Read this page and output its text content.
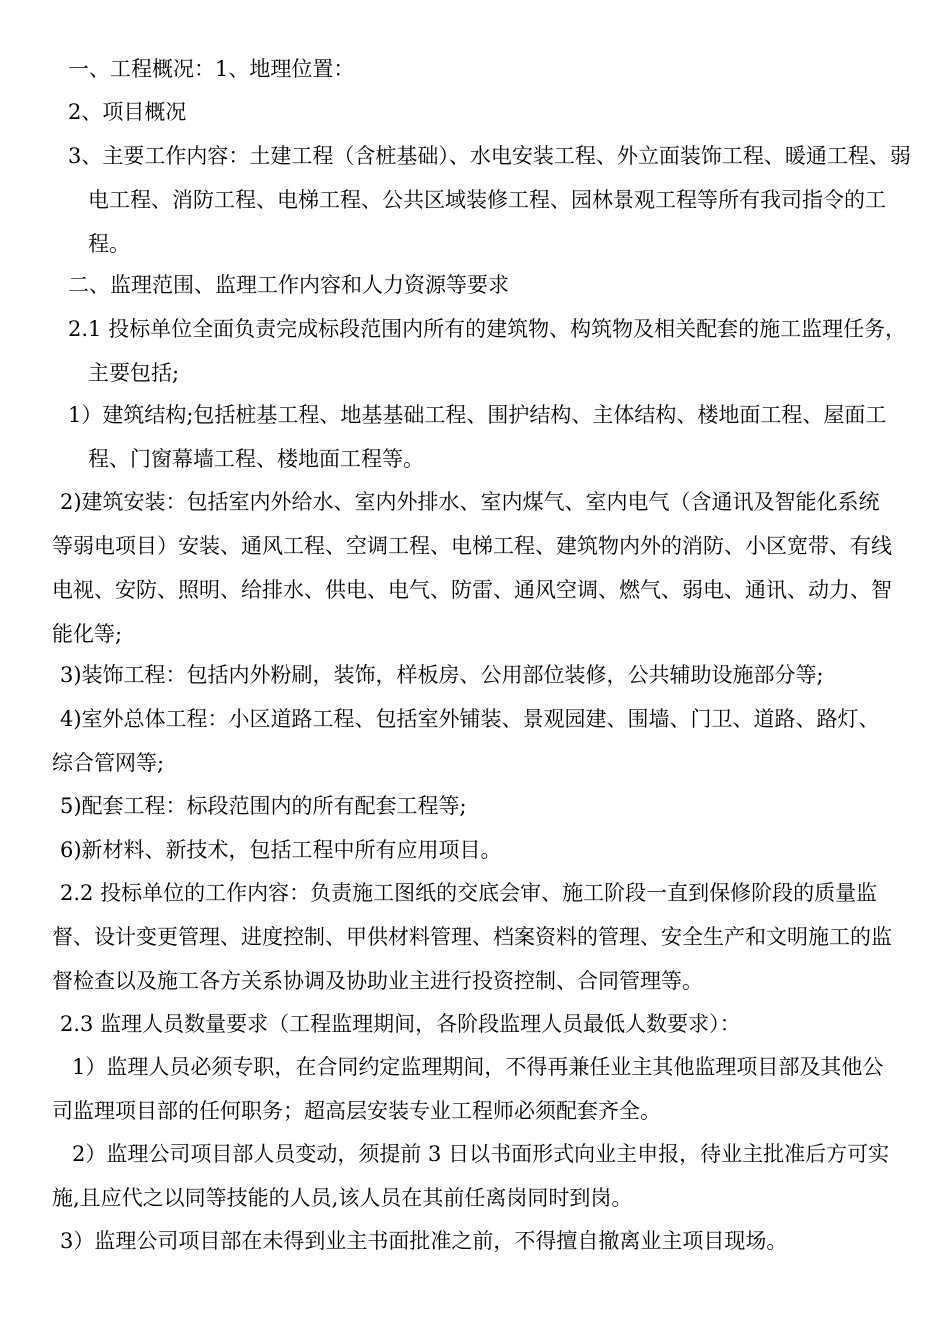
一、工程概况：1、地理位置：

2、项目概况

3、主要工作内容：土建工程（含桩基础）、水电安装工程、外立面装饰工程、暖通工程、弱电工程、消防工程、电梯工程、公共区域装修工程、园林景观工程等所有我司指令的工程。

二、监理范围、监理工作内容和人力资源等要求

2.1 投标单位全面负责完成标段范围内所有的建筑物、构筑物及相关配套的施工监理任务，主要包括;

1）建筑结构;包括桩基工程、地基基础工程、围护结构、主体结构、楼地面工程、屋面工程、门窗幕墙工程、楼地面工程等。

2)建筑安装：包括室内外给水、室内外排水、室内煤气、室内电气（含通讯及智能化系统等弱电项目）安装、通风工程、空调工程、电梯工程、建筑物内外的消防、小区宽带、有线电视、安防、照明、给排水、供电、电气、防雷、通风空调、燃气、弱电、通讯、动力、智能化等;

3)装饰工程：包括内外粉刷，装饰，样板房、公用部位装修，公共辅助设施部分等;

4)室外总体工程：小区道路工程、包括室外铺装、景观园建、围墙、门卫、道路、路灯、综合管网等;

5)配套工程：标段范围内的所有配套工程等;

6)新材料、新技术，包括工程中所有应用项目。

2.2 投标单位的工作内容：负责施工图纸的交底会审、施工阶段一直到保修阶段的质量监督、设计变更管理、进度控制、甲供材料管理、档案资料的管理、安全生产和文明施工的监督检查以及施工各方关系协调及协助业主进行投资控制、合同管理等。

2.3 监理人员数量要求（工程监理期间，各阶段监理人员最低人数要求）：

1）监理人员必须专职，在合同约定监理期间，不得再兼任业主其他监理项目部及其他公司监理项目部的任何职务；超高层安装专业工程师必须配套齐全。

2）监理公司项目部人员变动，须提前 3 日以书面形式向业主申报，待业主批准后方可实施,且应代之以同等技能的人员,该人员在其前任离岗同时到岗。

3）监理公司项目部在未得到业主书面批准之前，不得擅自撤离业主项目现场。
